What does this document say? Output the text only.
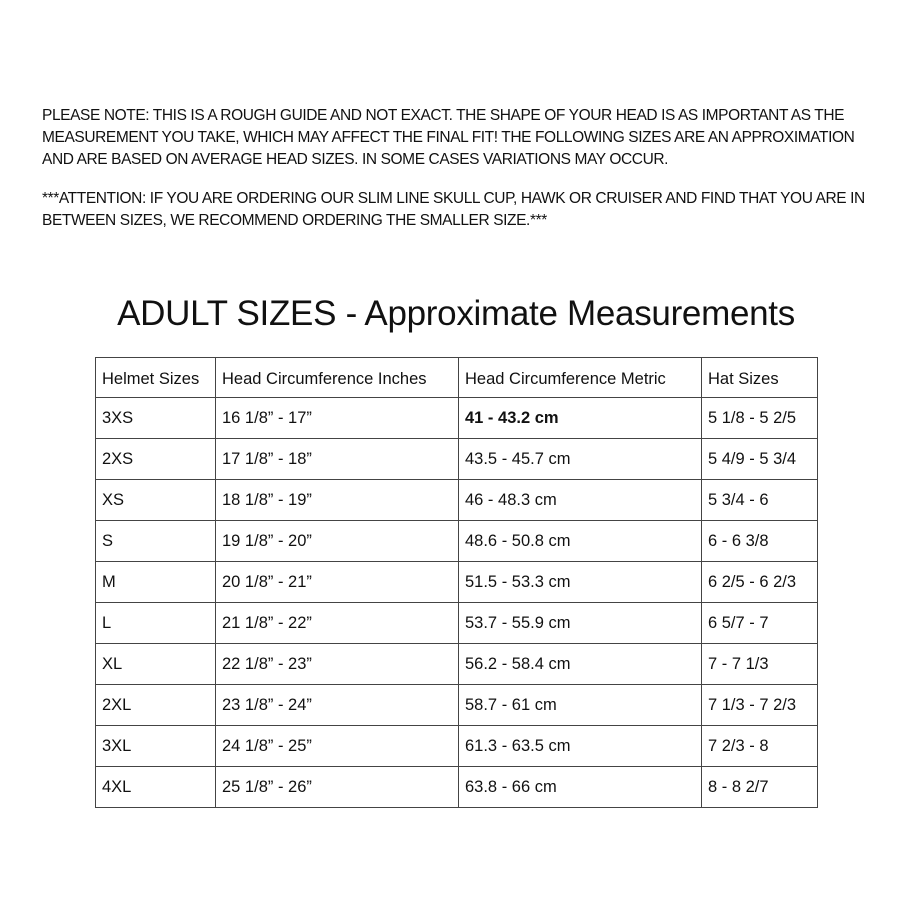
PLEASE NOTE: THIS IS A ROUGH GUIDE AND NOT EXACT. THE SHAPE OF YOUR HEAD IS AS IMPORTANT AS THE MEASUREMENT YOU TAKE, WHICH MAY AFFECT THE FINAL FIT! THE FOLLOWING SIZES ARE AN APPROXIMATION AND ARE BASED ON AVERAGE HEAD SIZES. IN SOME CASES VARIATIONS MAY OCCUR.

***ATTENTION: IF YOU ARE ORDERING OUR SLIM LINE SKULL CUP, HAWK OR CRUISER AND FIND THAT YOU ARE IN BETWEEN SIZES, WE RECOMMEND ORDERING THE SMALLER SIZE.***

ADULT SIZES - Approximate Measurements
Helmet Sizes	Head Circumference Inches	Head Circumference Metric	Hat Sizes
3XS	16 1/8” - 17”	41 - 43.2 cm	5 1/8 - 5 2/5
2XS	17 1/8” - 18”	43.5 - 45.7 cm	5 4/9 - 5 3/4
XS	18 1/8” - 19”	46 - 48.3 cm	5 3/4 - 6
S	19 1/8” - 20”	48.6 - 50.8 cm	6 - 6 3/8
M	20 1/8” - 21”	51.5 - 53.3 cm	6 2/5 - 6 2/3
L	21 1/8” - 22”	53.7 - 55.9 cm	6 5/7 - 7
XL	22 1/8” - 23”	56.2 - 58.4 cm	7 - 7 1/3
2XL	23 1/8” - 24”	58.7 - 61 cm	7 1/3 - 7 2/3
3XL	24 1/8” - 25”	61.3 - 63.5 cm	7 2/3 - 8
4XL	25 1/8” - 26”	63.8 - 66 cm	8 - 8 2/7
